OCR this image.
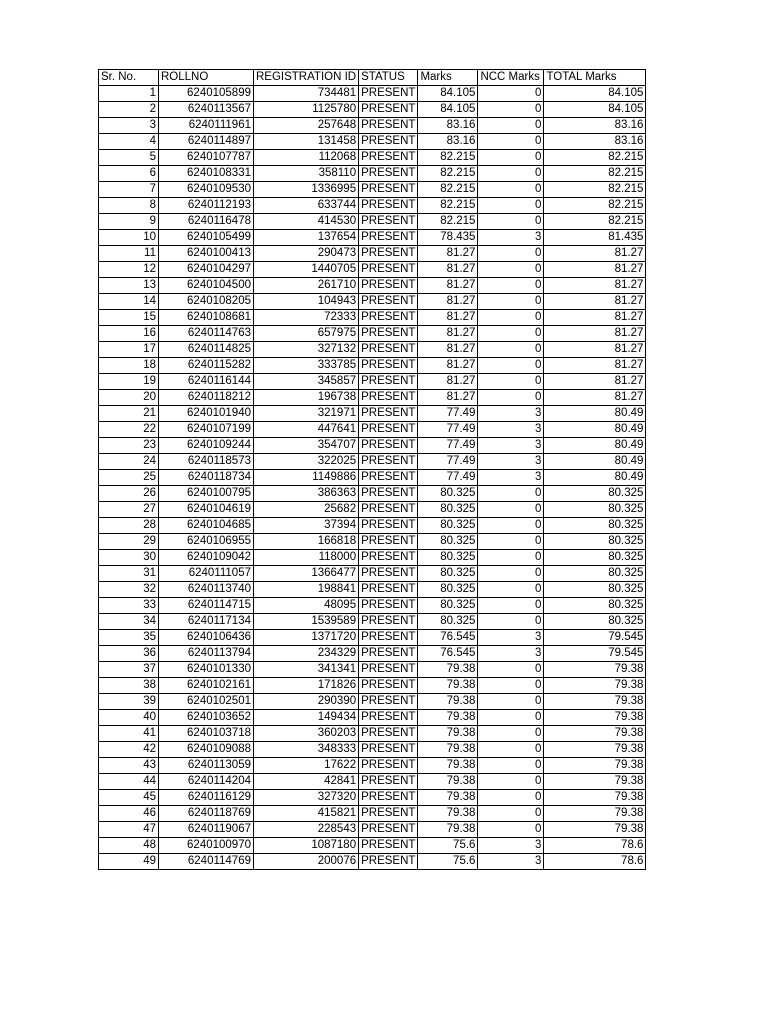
Sr. No.	ROLLNO	REGISTRATION ID	STATUS	Marks	NCC Marks	TOTAL Marks
1	6240105899	734481	PRESENT	84.105	0	84.105
2	6240113567	1125780	PRESENT	84.105	0	84.105
3	6240111961	257648	PRESENT	83.16	0	83.16
4	6240114897	131458	PRESENT	83.16	0	83.16
5	6240107787	112068	PRESENT	82.215	0	82.215
6	6240108331	358110	PRESENT	82.215	0	82.215
7	6240109530	1336995	PRESENT	82.215	0	82.215
8	6240112193	633744	PRESENT	82.215	0	82.215
9	6240116478	414530	PRESENT	82.215	0	82.215
10	6240105499	137654	PRESENT	78.435	3	81.435
11	6240100413	290473	PRESENT	81.27	0	81.27
12	6240104297	1440705	PRESENT	81.27	0	81.27
13	6240104500	261710	PRESENT	81.27	0	81.27
14	6240108205	104943	PRESENT	81.27	0	81.27
15	6240108681	72333	PRESENT	81.27	0	81.27
16	6240114763	657975	PRESENT	81.27	0	81.27
17	6240114825	327132	PRESENT	81.27	0	81.27
18	6240115282	333785	PRESENT	81.27	0	81.27
19	6240116144	345857	PRESENT	81.27	0	81.27
20	6240118212	196738	PRESENT	81.27	0	81.27
21	6240101940	321971	PRESENT	77.49	3	80.49
22	6240107199	447641	PRESENT	77.49	3	80.49
23	6240109244	354707	PRESENT	77.49	3	80.49
24	6240118573	322025	PRESENT	77.49	3	80.49
25	6240118734	1149886	PRESENT	77.49	3	80.49
26	6240100795	386363	PRESENT	80.325	0	80.325
27	6240104619	25682	PRESENT	80.325	0	80.325
28	6240104685	37394	PRESENT	80.325	0	80.325
29	6240106955	166818	PRESENT	80.325	0	80.325
30	6240109042	118000	PRESENT	80.325	0	80.325
31	6240111057	1366477	PRESENT	80.325	0	80.325
32	6240113740	198841	PRESENT	80.325	0	80.325
33	6240114715	48095	PRESENT	80.325	0	80.325
34	6240117134	1539589	PRESENT	80.325	0	80.325
35	6240106436	1371720	PRESENT	76.545	3	79.545
36	6240113794	234329	PRESENT	76.545	3	79.545
37	6240101330	341341	PRESENT	79.38	0	79.38
38	6240102161	171826	PRESENT	79.38	0	79.38
39	6240102501	290390	PRESENT	79.38	0	79.38
40	6240103652	149434	PRESENT	79.38	0	79.38
41	6240103718	360203	PRESENT	79.38	0	79.38
42	6240109088	348333	PRESENT	79.38	0	79.38
43	6240113059	17622	PRESENT	79.38	0	79.38
44	6240114204	42841	PRESENT	79.38	0	79.38
45	6240116129	327320	PRESENT	79.38	0	79.38
46	6240118769	415821	PRESENT	79.38	0	79.38
47	6240119067	228543	PRESENT	79.38	0	79.38
48	6240100970	1087180	PRESENT	75.6	3	78.6
49	6240114769	200076	PRESENT	75.6	3	78.6
